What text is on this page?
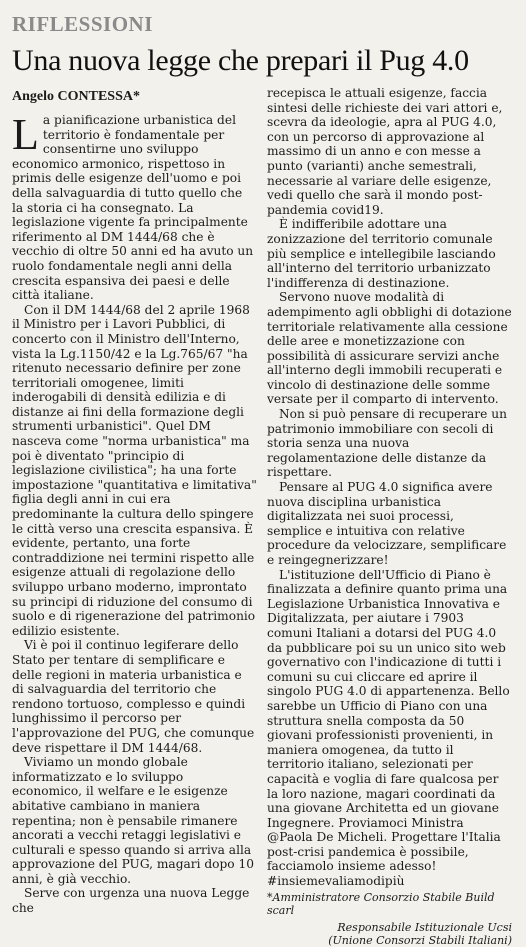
RIFLESSIONI
Una nuova legge che prepari il Pug 4.0
Angelo CONTESSA*

La pianificazione urbanistica del territorio è fondamentale per consentirne uno sviluppo economico armonico, rispettoso in primis delle esigenze dell'uomo e poi della salvaguardia di tutto quello che la storia ci ha consegnato. La legislazione vigente fa principalmente riferimento al DM 1444/68 che è vecchio di oltre 50 anni ed ha avuto un ruolo fondamentale negli anni della crescita espansiva dei paesi e delle città italiane.

Con il DM 1444/68 del 2 aprile 1968 il Ministro per i Lavori Pubblici, di concerto con il Ministro dell'Interno, vista la Lg.1150/42 e la Lg.765/67 "ha ritenuto necessario definire per zone territoriali omogenee, limiti inderogabili di densità edilizia e di distanze ai fini della formazione degli strumenti urbanistici". Quel DM nasceva come "norma urbanistica" ma poi è diventato "principio di legislazione civilistica"; ha una forte impostazione "quantitativa e limitativa" figlia degli anni in cui era predominante la cultura dello spingere le città verso una crescita espansiva. È evidente, pertanto, una forte contraddizione nei termini rispetto alle esigenze attuali di regolazione dello sviluppo urbano moderno, improntato su principi di riduzione del consumo di suolo e di rigenerazione del patrimonio edilizio esistente.

Vi è poi il continuo legiferare dello Stato per tentare di semplificare e delle regioni in materia urbanistica e di salvaguardia del territorio che rendono tortuoso, complesso e quindi lunghissimo il percorso per l'approvazione del PUG, che comunque deve rispettare il DM 1444/68.

Viviamo un mondo globale informatizzato e lo sviluppo economico, il welfare e le esigenze abitative cambiano in maniera repentina; non è pensabile rimanere ancorati a vecchi retaggi legislativi e culturali e spesso quando si arriva alla approvazione del PUG, magari dopo 10 anni, è già vecchio.

Serve con urgenza una nuova Legge che

recepisca le attuali esigenze, faccia sintesi delle richieste dei vari attori e, scevra da ideologie, apra al PUG 4.0, con un percorso di approvazione al massimo di un anno e con messe a punto (varianti) anche semestrali, necessarie al variare delle esigenze, vedi quello che sarà il mondo post-pandemia covid19.

È indifferibile adottare una zonizzazione del territorio comunale più semplice e intellegibile lasciando all'interno del territorio urbanizzato l'indifferenza di destinazione.

Servono nuove modalità di adempimento agli obblighi di dotazione territoriale relativamente alla cessione delle aree e monetizzazione con possibilità di assicurare servizi anche all'interno degli immobili recuperati e vincolo di destinazione delle somme versate per il comparto di intervento.

Non si può pensare di recuperare un patrimonio immobiliare con secoli di storia senza una nuova regolamentazione delle distanze da rispettare.

Pensare al PUG 4.0 significa avere nuova disciplina urbanistica digitalizzata nei suoi processi, semplice e intuitiva con relative procedure da velocizzare, semplificare e reingegnerizzare!

L'istituzione dell'Ufficio di Piano è finalizzata a definire quanto prima una Legislazione Urbanistica Innovativa e Digitalizzata, per aiutare i 7903 comuni Italiani a dotarsi del PUG 4.0 da pubblicare poi su un unico sito web governativo con l'indicazione di tutti i comuni su cui cliccare ed aprire il singolo PUG 4.0 di appartenenza. Bello sarebbe un Ufficio di Piano con una struttura snella composta da 50 giovani professionisti provenienti, in maniera omogenea, da tutto il territorio italiano, selezionati per capacità e voglia di fare qualcosa per la loro nazione, magari coordinati da una giovane Architetta ed un giovane Ingegnere. Proviamoci Ministra @Paola De Micheli. Progettare l'Italia post-crisi pandemica è possibile, facciamolo insieme adesso! #insiemevaliamodipiù

*Amministratore Consorzio Stabile Build scarl
Responsabile Istituzionale Ucsi
(Unione Consorzi Stabili Italiani)
